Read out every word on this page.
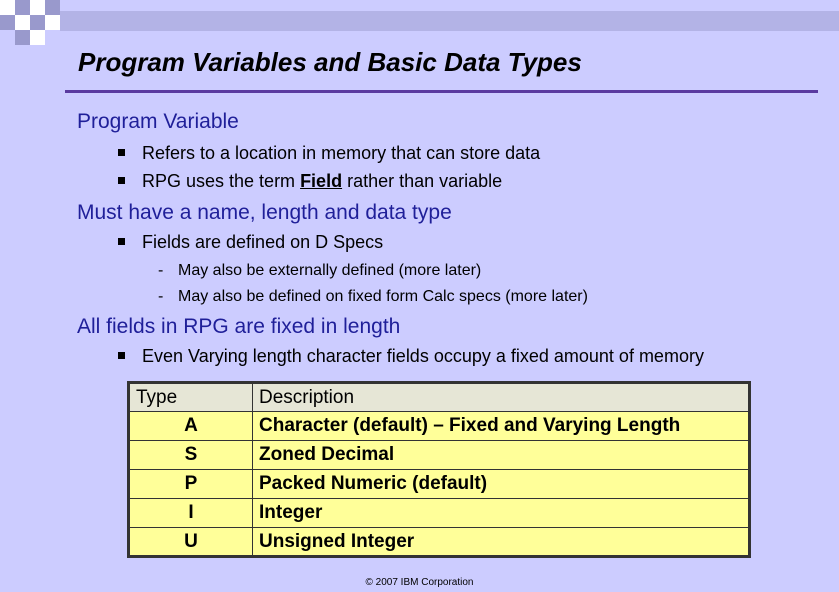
Program Variables and Basic Data Types
Program Variable
Refers to a location in memory that can store data
RPG uses the term Field rather than variable
Must have a name, length and data type
Fields are defined on D Specs
- May also be externally defined (more later)
- May also be defined on fixed form Calc specs (more later)
All fields in RPG are fixed in length
Even Varying length character fields occupy a fixed amount of memory
Type	Description
A	Character (default) – Fixed and Varying Length
S	Zoned Decimal
P	Packed Numeric (default)
I	Integer
U	Unsigned Integer
© 2007 IBM Corporation
